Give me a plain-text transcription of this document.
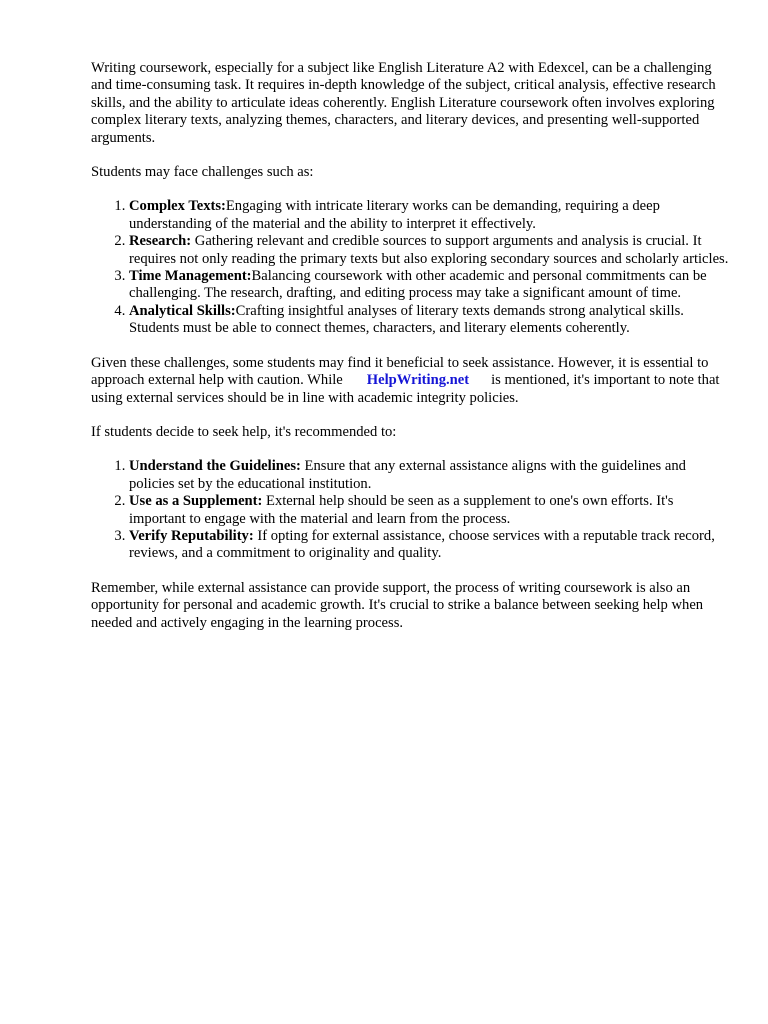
Writing coursework, especially for a subject like English Literature A2 with Edexcel, can be a challenging and time-consuming task. It requires in-depth knowledge of the subject, critical analysis, effective research skills, and the ability to articulate ideas coherently. English Literature coursework often involves exploring complex literary texts, analyzing themes, characters, and literary devices, and presenting well-supported arguments.

Students may face challenges such as:

1. Complex Texts:Engaging with intricate literary works can be demanding, requiring a deep understanding of the material and the ability to interpret it effectively.
2. Research: Gathering relevant and credible sources to support arguments and analysis is crucial. It requires not only reading the primary texts but also exploring secondary sources and scholarly articles.
3. Time Management:Balancing coursework with other academic and personal commitments can be challenging. The research, drafting, and editing process may take a significant amount of time.
4. Analytical Skills:Crafting insightful analyses of literary texts demands strong analytical skills. Students must be able to connect themes, characters, and literary elements coherently.

Given these challenges, some students may find it beneficial to seek assistance. However, it is essential to approach external help with caution. While HelpWriting.net is mentioned, it's important to note that using external services should be in line with academic integrity policies.

If students decide to seek help, it's recommended to:

1. Understand the Guidelines: Ensure that any external assistance aligns with the guidelines and policies set by the educational institution.
2. Use as a Supplement: External help should be seen as a supplement to one's own efforts. It's important to engage with the material and learn from the process.
3. Verify Reputability: If opting for external assistance, choose services with a reputable track record, reviews, and a commitment to originality and quality.

Remember, while external assistance can provide support, the process of writing coursework is also an opportunity for personal and academic growth. It's crucial to strike a balance between seeking help when needed and actively engaging in the learning process.
